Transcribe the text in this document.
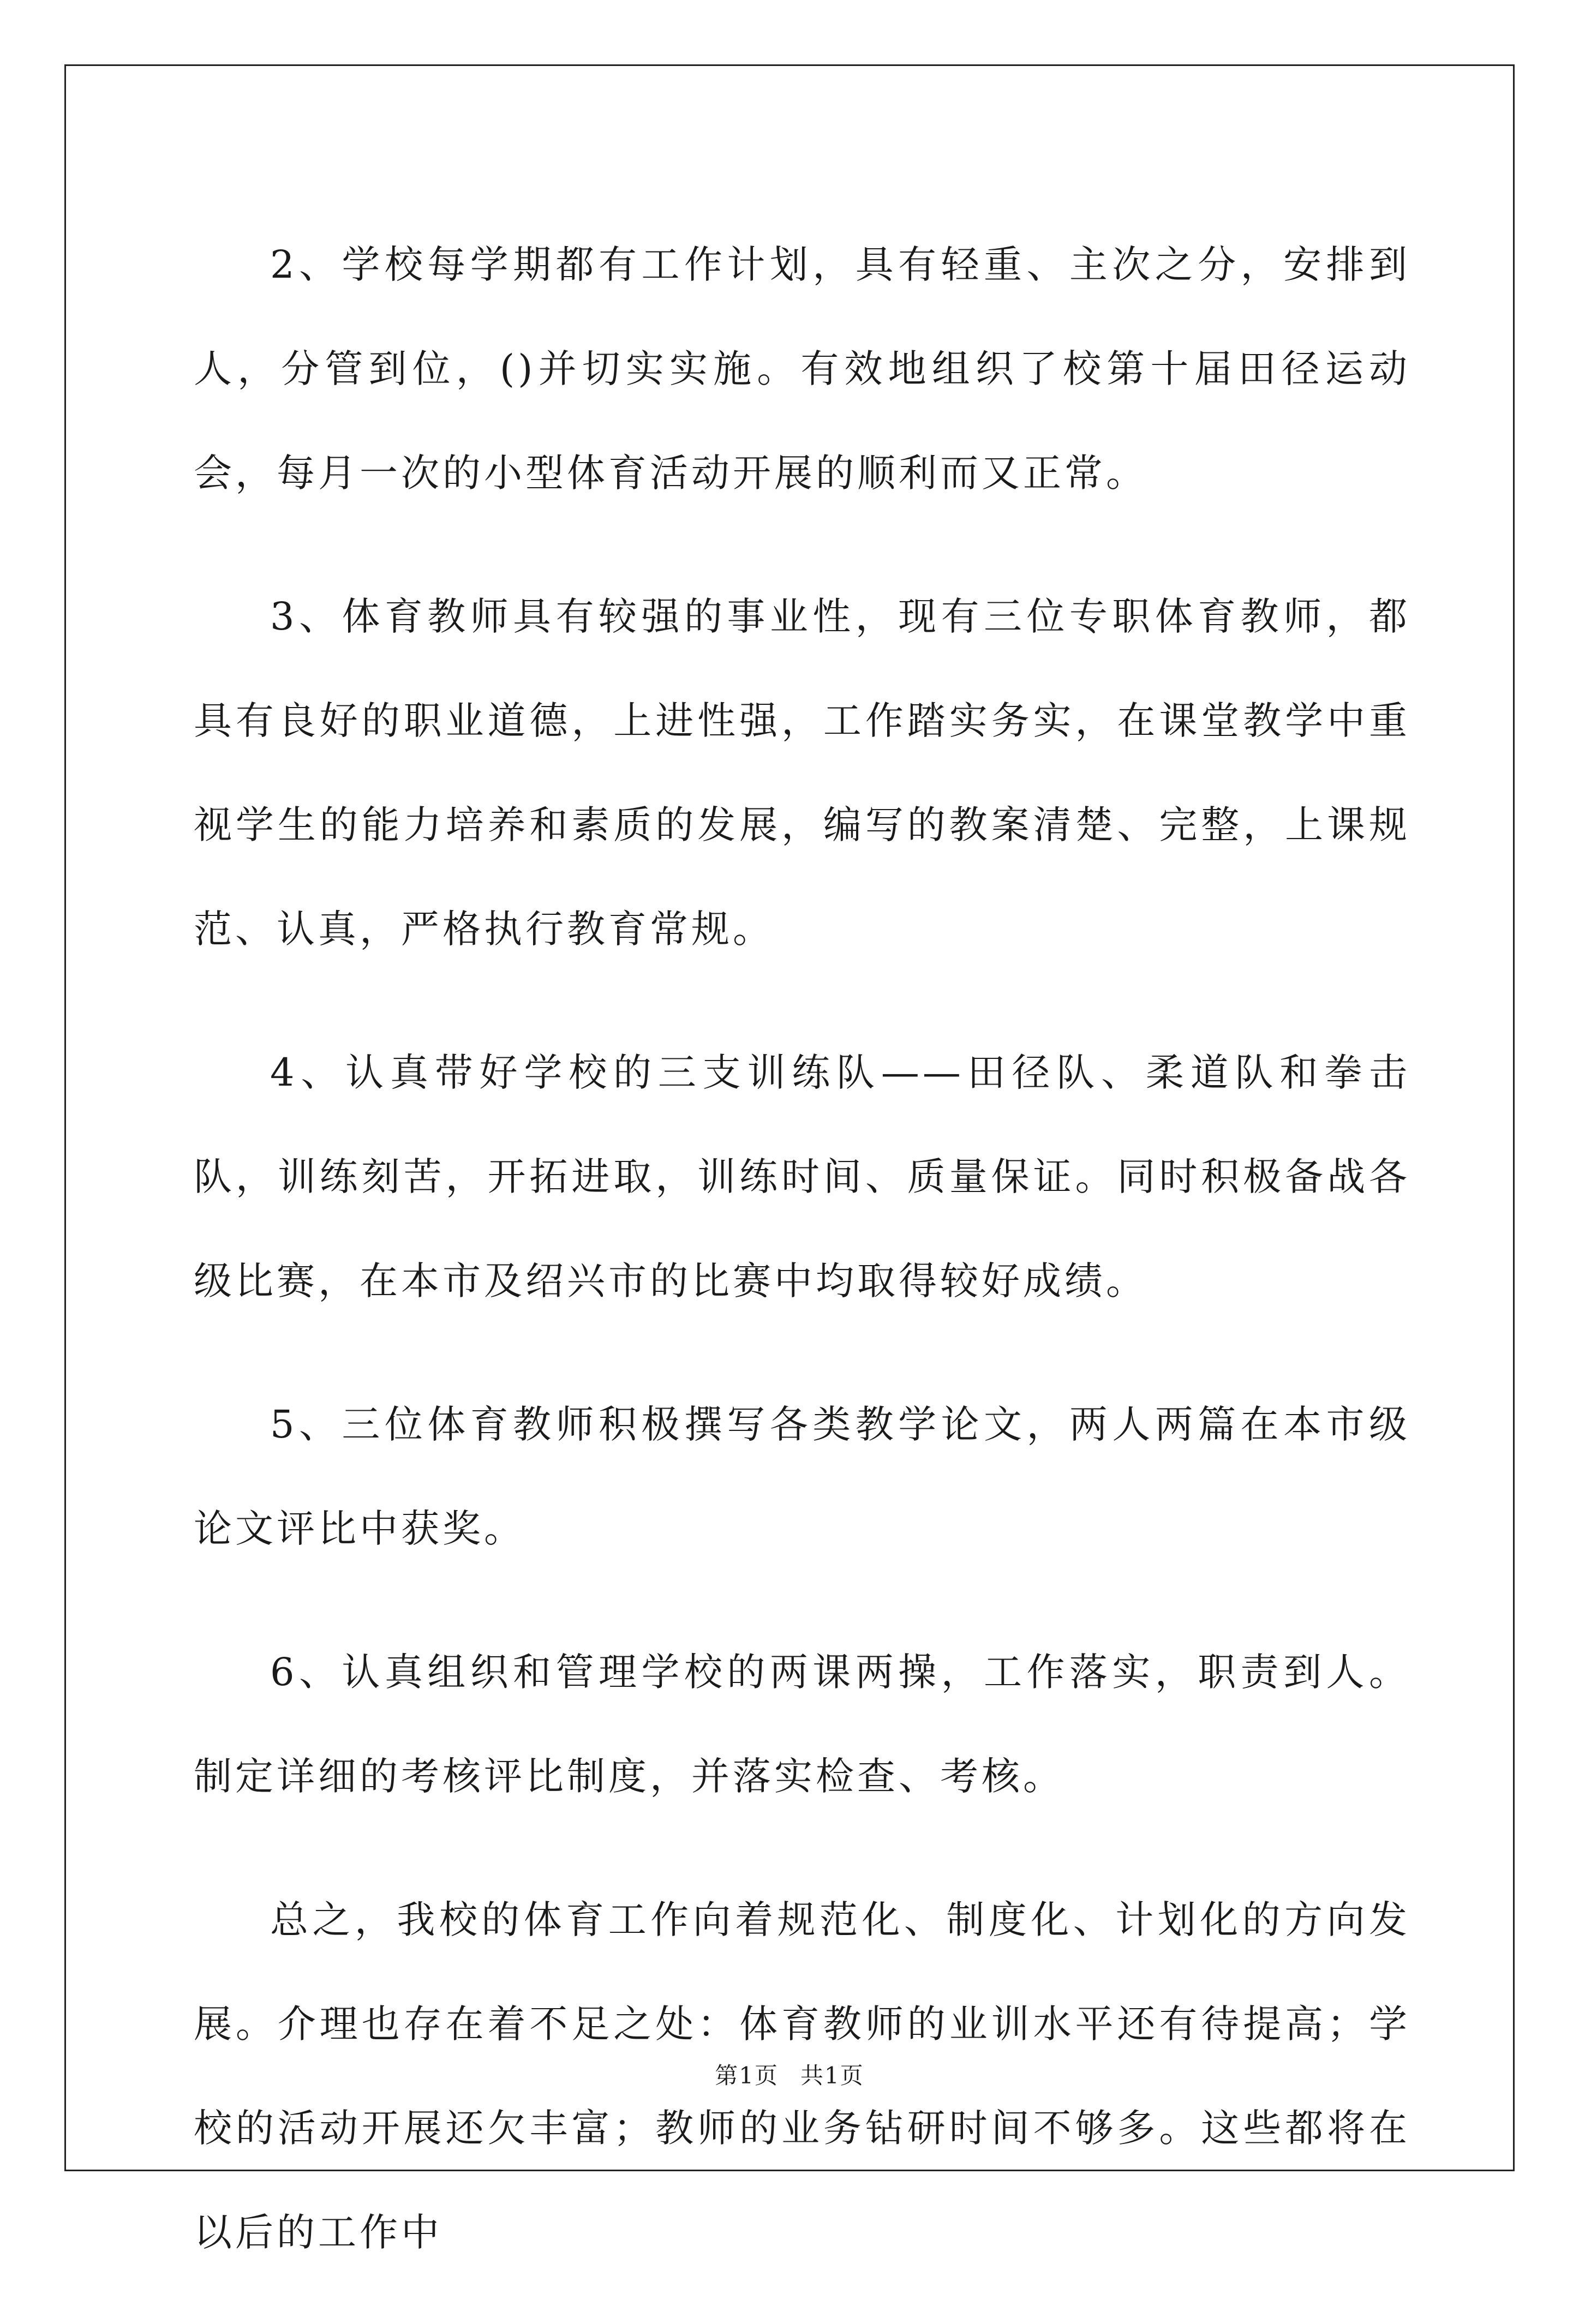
2、学校每学期都有工作计划，具有轻重、主次之分，安排到人，分管到位，()并切实实施。有效地组织了校第十届田径运动会，每月一次的小型体育活动开展的顺利而又正常。

3、体育教师具有较强的事业性，现有三位专职体育教师，都具有良好的职业道德，上进性强，工作踏实务实，在课堂教学中重视学生的能力培养和素质的发展，编写的教案清楚、完整，上课规范、认真，严格执行教育常规。

4、认真带好学校的三支训练队——田径队、柔道队和拳击队，训练刻苦，开拓进取，训练时间、质量保证。同时积极备战各级比赛，在本市及绍兴市的比赛中均取得较好成绩。

5、三位体育教师积极撰写各类教学论文，两人两篇在本市级论文评比中获奖。

6、认真组织和管理学校的两课两操，工作落实，职责到人。制定详细的考核评比制度，并落实检查、考核。

总之，我校的体育工作向着规范化、制度化、计划化的方向发展。介理也存在着不足之处：体育教师的业训水平还有待提高；学校的活动开展还欠丰富；教师的业务钻研时间不够多。这些都将在以后的工作中

第1页 共1页
